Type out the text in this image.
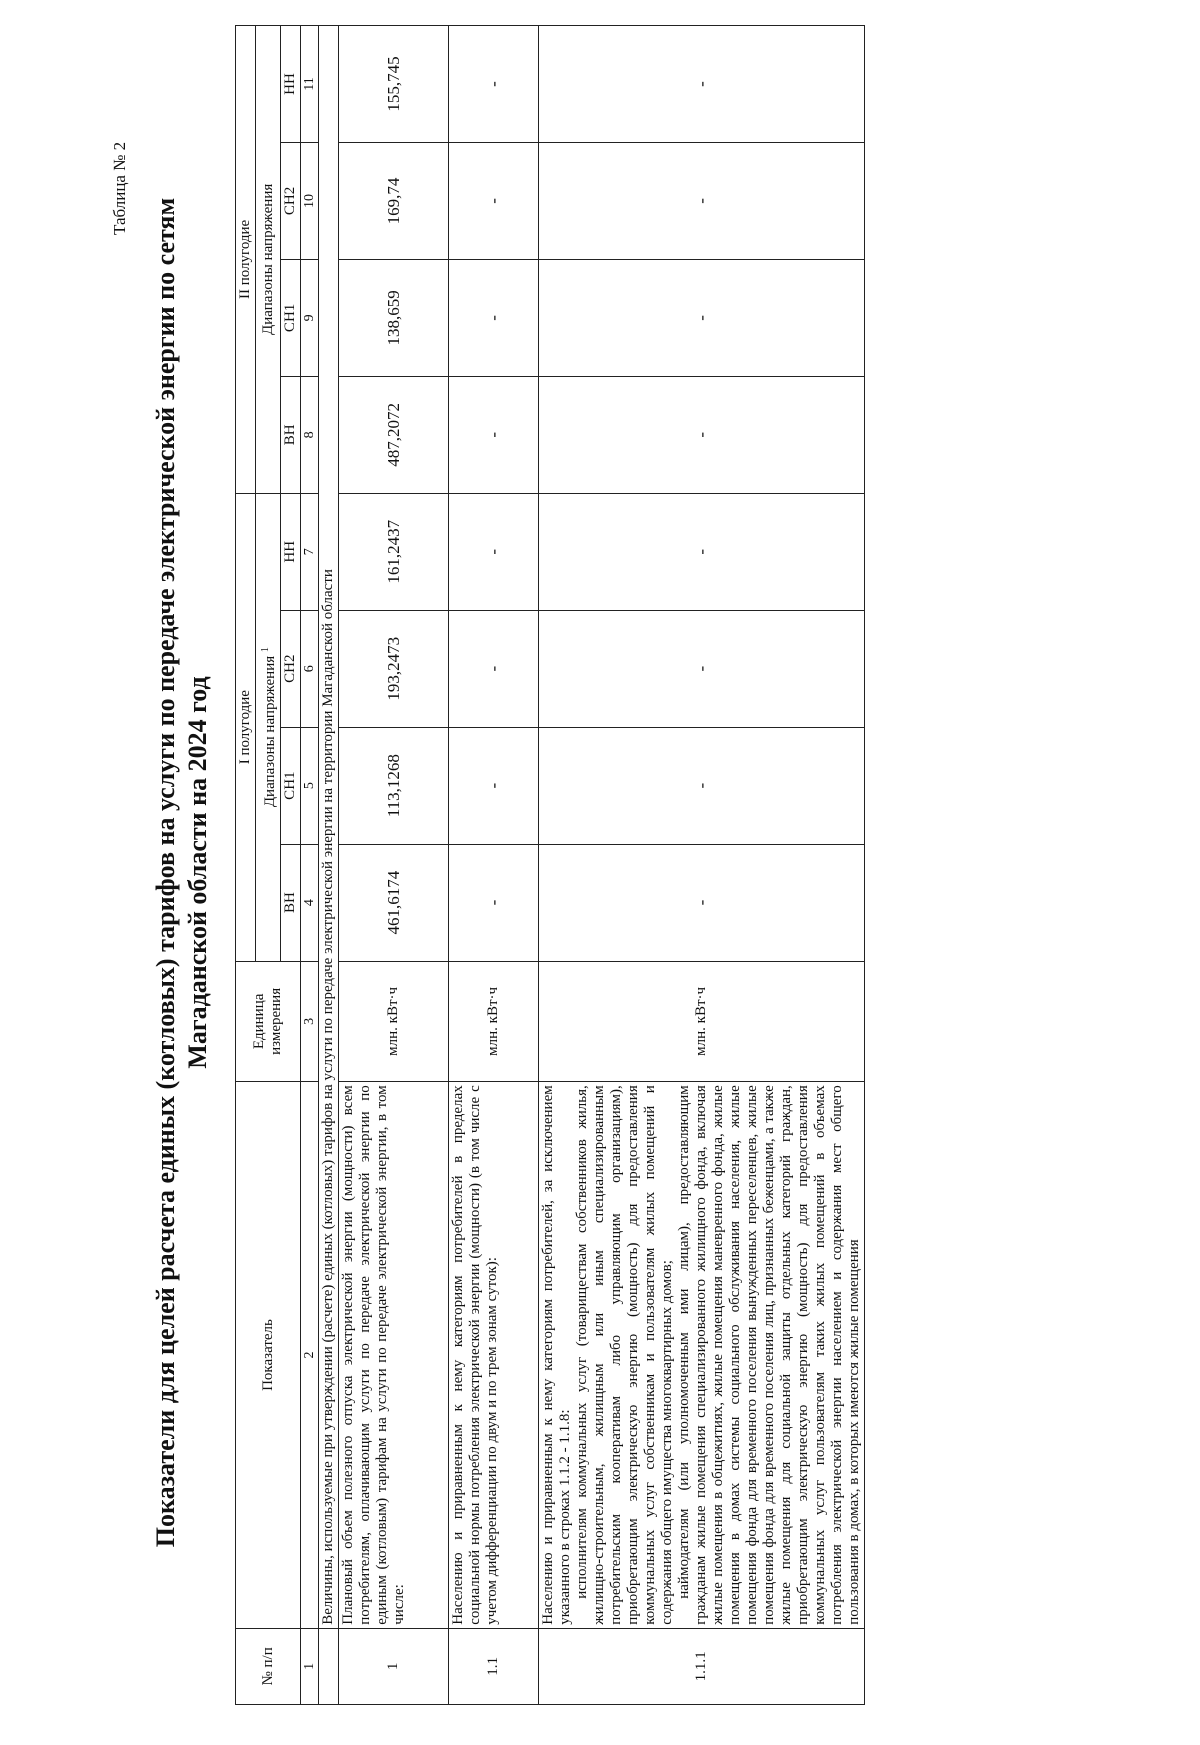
Таблица № 2
Показатели для целей расчета единых (котловых) тарифов на услуги по передаче электрической энергии по сетям Магаданской области на 2024 год
№ п/п	Показатель	Единица измерения	I полугодие				II полугодие			
			Диапазоны напряжения $^1$				Диапазоны напряжения			
			ВН	СН1	СН2	НН	ВН	СН1	СН2	НН
1	2	3	4	5	6	7	8	9	10	11
	Величины, используемые при утверждении (расчете) единых (котловых) тарифов на услуги по передаче электрической энергии на территории Магаданской области									
1	Плановый объем полезного отпуска электрической энергии (мощности) всем потребителям, оплачивающим услуги по передаче электрической энергии по единым (котловым) тарифам на услуги по передаче электрической энергии, в том числе:	млн. кВт·ч	461,6174	113,1268	193,2473	161,2437	487,2072	138,659	169,74	155,745
1.1	Населению и приравненным к нему категориям потребителей в пределах социальной нормы потребления электрической энергии (мощности) (в том числе с учетом дифференциации по двум и по трем зонам суток):	млн. кВт·ч	-	-	-	-	-	-	-	-
1.1.1	Населению и приравненным к нему категориям потребителей, за исключением указанного в строках 1.1.2 - 1.1.8: исполнителям коммунальных услуг (товариществам собственников жилья, жилищно-строительным, жилищным или иным специализированным потребительским кооперативам либо управляющим организациям), приобретающим электрическую энергию (мощность) для предоставления коммунальных услуг собственникам и пользователям жилых помещений и содержания общего имущества многоквартирных домов; наймодателям (или уполномоченным ими лицам), предоставляющим гражданам жилые помещения специализированного жилищного фонда, включая жилые помещения в общежитиях, жилые помещения маневренного фонда, жилые помещения в домах системы социального обслуживания населения, жилые помещения фонда для временного поселения вынужденных переселенцев, жилые помещения фонда для временного поселения лиц, признанных беженцами, а также жилые помещения для социальной защиты отдельных категорий граждан, приобретающим электрическую энергию (мощность) для предоставления коммунальных услуг пользователям таких жилых помещений в объемах потребления электрической энергии населением и содержания мест общего пользования в домах, в которых имеются жилые помещения	млн. кВт·ч	-	-	-	-	-	-	-	-
